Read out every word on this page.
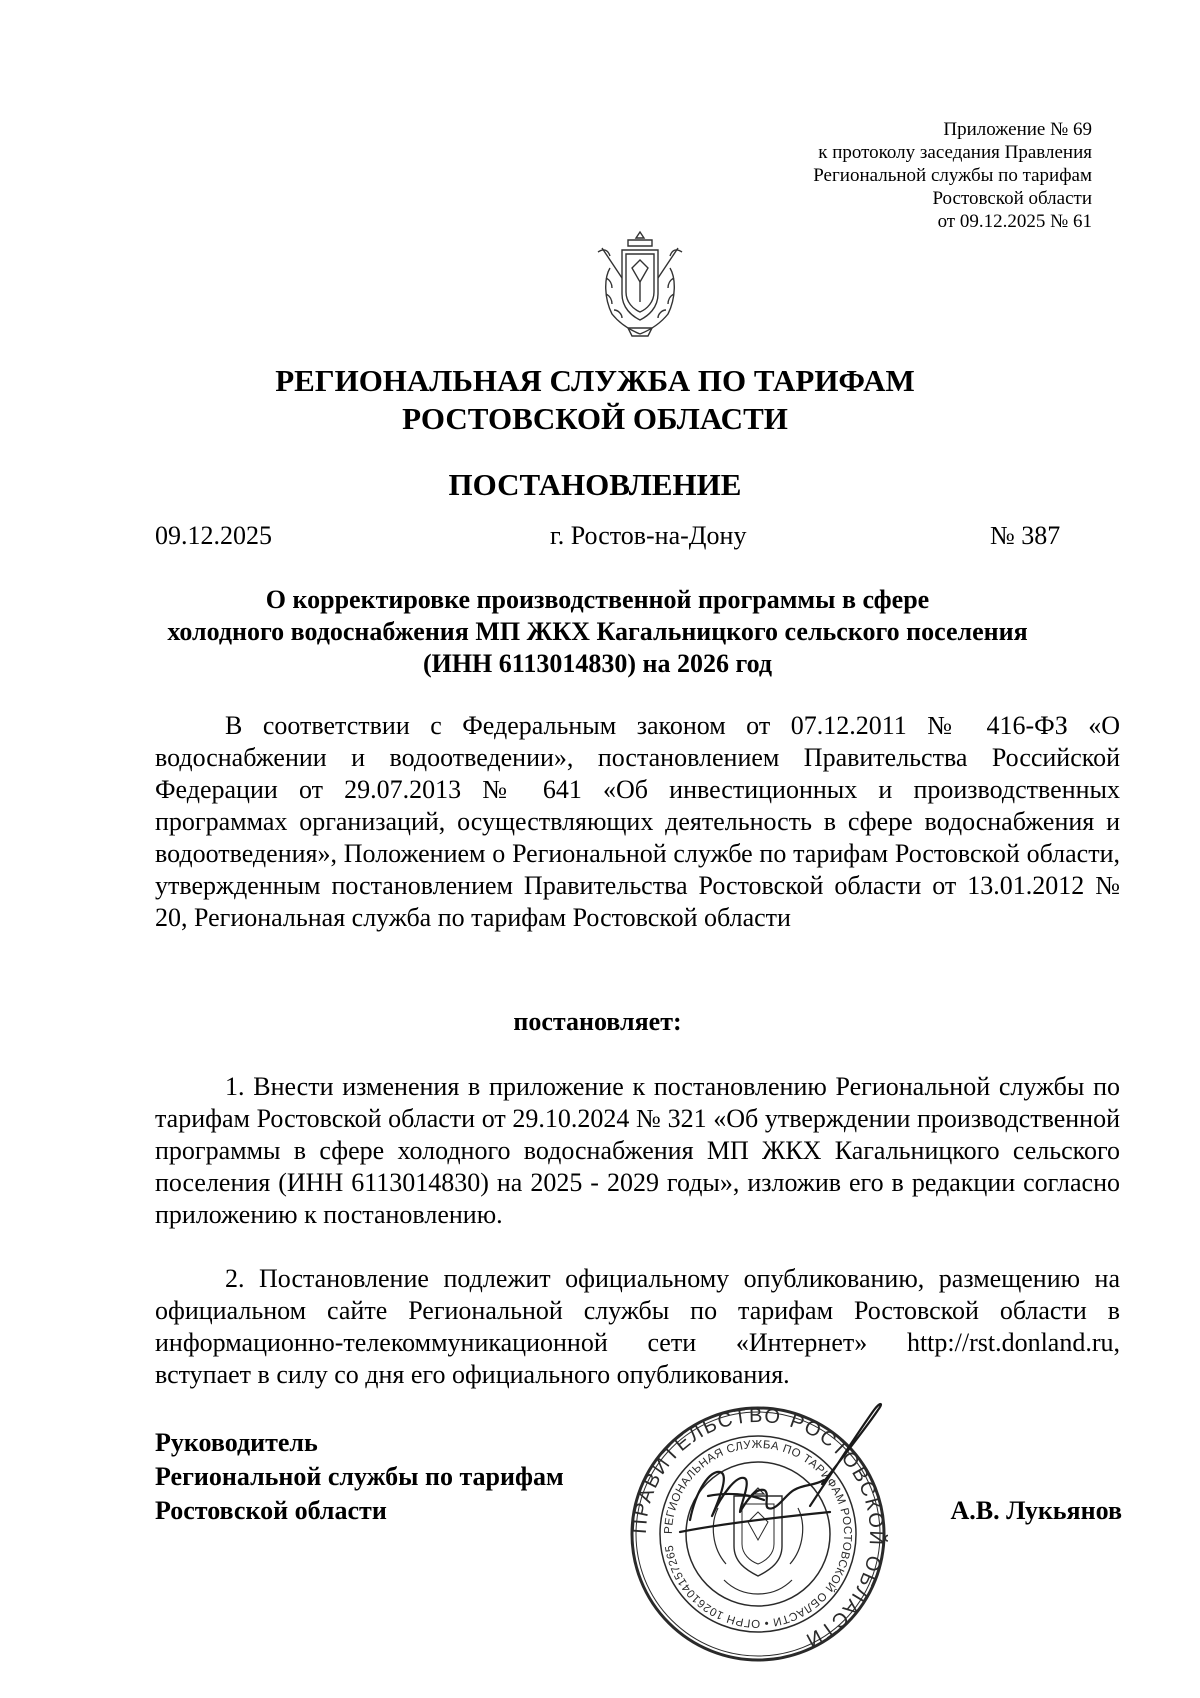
Приложение № 69
к протоколу заседания Правления
Региональной службы по тарифам
Ростовской области
от 09.12.2025 № 61
РЕГИОНАЛЬНАЯ СЛУЖБА ПО ТАРИФАМ
РОСТОВСКОЙ ОБЛАСТИ
ПОСТАНОВЛЕНИЕ
09.12.2025	г. Ростов-на-Дону	№ 387
О корректировке производственной программы в сфере
холодного водоснабжения МП ЖКХ Кагальницкого сельского поселения
(ИНН 6113014830) на 2026 год

В соответствии с Федеральным законом от 07.12.2011 № 416-ФЗ «О водоснабжении и водоотведении», постановлением Правительства Российской Федерации от 29.07.2013 № 641 «Об инвестиционных и производственных программах организаций, осуществляющих деятельность в сфере водоснабжения и водоотведения», Положением о Региональной службе по тарифам Ростовской области, утвержденным постановлением Правительства Ростовской области от 13.01.2012 № 20, Региональная служба по тарифам Ростовской области

постановляет:

1. Внести изменения в приложение к постановлению Региональной службы по тарифам Ростовской области от 29.10.2024 № 321 «Об утверждении производственной программы в сфере холодного водоснабжения МП ЖКХ Кагальницкого сельского поселения (ИНН 6113014830) на 2025 - 2029 годы», изложив его в редакции согласно приложению к постановлению.

2. Постановление подлежит официальному опубликованию, размещению на официальном сайте Региональной службы по тарифам Ростовской области в информационно-телекоммуникационной сети «Интернет» http://rst.donland.ru, вступает в силу со дня его официального опубликования.

Руководитель
Региональной службы по тарифам
Ростовской области
ПРАВИТЕЛЬСТВО РОСТОВСКОЙ ОБЛАСТИ
РЕГИОНАЛЬНАЯ СЛУЖБА ПО ТАРИФАМ РОСТОВСКОЙ ОБЛАСТИ • ОГРН 1026104157265
А.В. Лукьянов
